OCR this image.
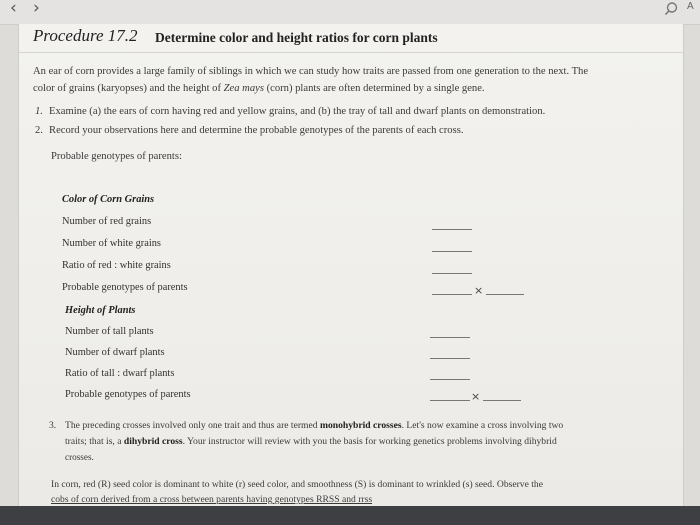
‹ ›	A
Procedure 17.2 Determine color and height ratios for corn plants
An ear of corn provides a large family of siblings in which we can study how traits are passed from one generation to the next. The
color of grains (karyopses) and the height of Zea mays (corn) plants are often determined by a single gene.
1. Examine (a) the ears of corn having red and yellow grains, and (b) the tray of tall and dwarf plants on demonstration.
2. Record your observations here and determine the probable genotypes of the parents of each cross.
Probable genotypes of parents:
Color of Corn Grains
Number of red grains
Number of white grains
Ratio of red : white grains
Probable genotypes of parents	×
Height of Plants
Number of tall plants
Number of dwarf plants
Ratio of tall : dwarf plants
Probable genotypes of parents	×
3. The preceding crosses involved only one trait and thus are termed monohybrid crosses. Let's now examine a cross involving two
traits; that is, a dihybrid cross. Your instructor will review with you the basis for working genetics problems involving dihybrid
crosses.
In corn, red (R) seed color is dominant to white (r) seed color, and smoothness (S) is dominant to wrinkled (s) seed. Observe the
cobs of corn derived from a cross between parents having genotypes RRSS and rrss
